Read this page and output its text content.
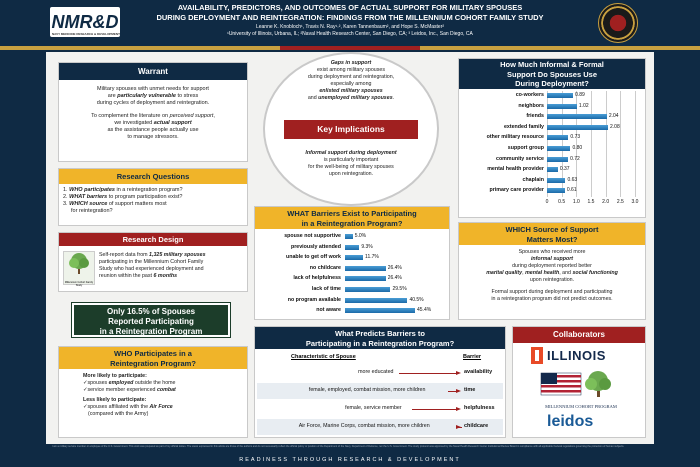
NMR&D
NAVY MEDICINE RESEARCH & DEVELOPMENT
AVAILABILITY, PREDICTORS, AND OUTCOMES OF ACTUAL SUPPORT FOR MILITARY SPOUSES
DURING DEPLOYMENT AND REINTEGRATION: FINDINGS FROM THE MILLENNIUM COHORT FAMILY STUDY
Leanne K. Knobloch¹, Travis N. Ray¹˒², Karen Tannenbaum², and Hope S. McMaster²
¹University of Illinois, Urbana, IL; ²Naval Health Research Center, San Diego, CA; ³ Leidos, Inc., San Diego, CA
Warrant
Military spouses with unmet needs for support
are particularly vulnerable to stress
during cycles of deployment and reintegration.
To complement the literature on perceived support,
we investigated actual support
as the assistance people actually use
to manage stressors.
Research Questions
1. WHO participates in a reintegration program?
2. WHAT barriers to program participation exist?
3. WHICH source of support matters most
for reintegration?
Research Design
Millennium Cohort Family Study
Self-report data from 1,325 military spouses
participating in the Millennium Cohort Family
Study who had experienced deployment and
reunion within the past 6 months
Only 16.5% of Spouses
Reported Participating
in a Reintegration Program
WHO Participates in a
Reintegration Program?
More likely to participate:
✓spouses employed outside the home
✓service member experienced combat
Less likely to participate:
✓spouses affiliated with the Air Force
(compared with the Army)
Gaps in support
exist among military spouses
during deployment and reintegration,
especially among
enlisted military spouses
and unemployed military spouses.
Key Implications
Informal support during deployment
is particularly important
for the well-being of military spouses
upon reintegration.
WHAT Barriers Exist to Participating
in a Reintegration Program?
spouse not supportive	5.0%
previously attended	9.3%
unable to get off work	11.7%
no childcare	26.4%
lack of helpfulness	26.4%
lack of time	29.5%
no program available	40.5%
not aware	45.4%
What Predicts Barriers to
Participating in a Reintegration Program?
Characteristic of Spouse	Barrier
more educated	availability
female, employed, combat mission, more children	time
female, service member	helpfulness
Air Force, Marine Corps, combat mission, more children	childcare
How Much Informal & Formal
Support Do Spouses Use
During Deployment?
0	0.5	1.0	1.5	2.0	2.5	3.0
co-workers	0.89
neighbors	1.02
friends	2.04
extended family	2.08
other military resource	0.73
support group	0.80
community service	0.72
mental health provider	0.37
chaplain	0.63
primary care provider	0.61
WHICH Source of Support
Matters Most?
Spouses who received more
informal support
during deployment reported better
marital quality, mental health, and social functioning
upon reintegration.
Formal support during deployment and participating
in a reintegration program did not predict outcomes.
Collaborators
ILLINOIS
MILLENNIUM COHORT PROGRAM
leidos
I am a military service member or employee of the U.S. Government. This work was prepared as part of my official duties. The views expressed in this article are those of the authors and do not necessarily reflect the official policy or position of the Department of the Navy, Department of Defense, nor the U.S. Government. The study protocol was approved by the Naval Health Research Center Institutional Review Board in compliance with all applicable Federal regulations governing the protection of human subjects.
READINESS THROUGH RESEARCH & DEVELOPMENT
